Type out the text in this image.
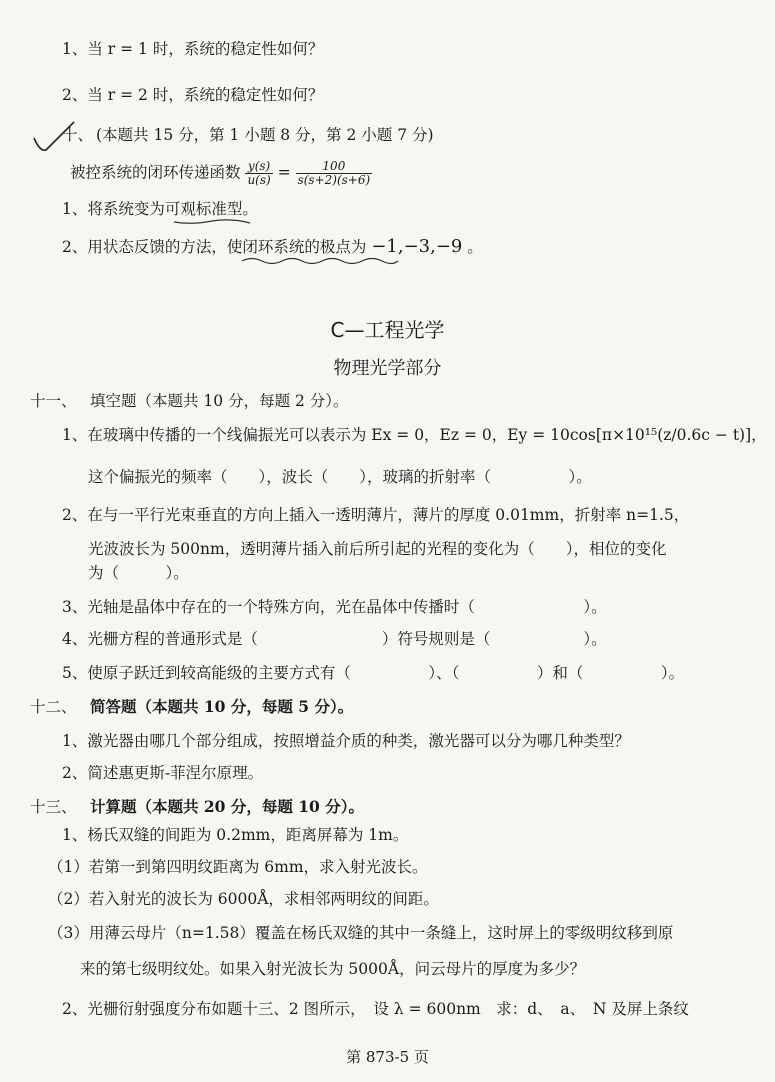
1、当 r = 1 时，系统的稳定性如何？
2、当 r = 2 时，系统的稳定性如何？
十、 (本题共 15 分，第 1 小题 8 分，第 2 小题 7 分)
被控系统的闭环传递函数 $\frac{y(s)}{u(s)} = \frac{100}{s(s+2)(s+6)}$
1、将系统变为可观标准型。
2、用状态反馈的方法，使闭环系统的极点为 −1,−3,−9 。
C—工程光学
物理光学部分
十一、 填空题（本题共 10 分，每题 2 分）。
1、在玻璃中传播的一个线偏振光可以表示为 Ex = 0，Ez = 0，Ey = 10cos[π×10¹⁵(z/0.6c − t)]，
这个偏振光的频率（　　），波长（　　），玻璃的折射率（　　　　　）。
2、在与一平行光束垂直的方向上插入一透明薄片，薄片的厚度 0.01mm，折射率 n=1.5，
光波波长为 500nm，透明薄片插入前后所引起的光程的变化为（　　），相位的变化
为（　　　）。
3、光轴是晶体中存在的一个特殊方向，光在晶体中传播时（　　　　　　　）。
4、光栅方程的普通形式是（　　　　　　　　）符号规则是（　　　　　　）。
5、使原子跃迁到较高能级的主要方式有（　　　　　）、（　　　　　）和（　　　　　）。
十二、 简答题（本题共 10 分，每题 5 分）。
1、激光器由哪几个部分组成，按照增益介质的种类，激光器可以分为哪几种类型？
2、简述惠更斯-菲涅尔原理。
十三、 计算题（本题共 20 分，每题 10 分）。
1、杨氏双缝的间距为 0.2mm，距离屏幕为 1m。
（1）若第一到第四明纹距离为 6mm，求入射光波长。
（2）若入射光的波长为 6000Å，求相邻两明纹的间距。
（3）用薄云母片（n=1.58）覆盖在杨氏双缝的其中一条缝上，这时屏上的零级明纹移到原
来的第七级明纹处。如果入射光波长为 5000Å，问云母片的厚度为多少？
2、光栅衍射强度分布如题十三、2 图所示，　设 λ = 600nm　求：d、　a、　N 及屏上条纹
第 873-5 页
